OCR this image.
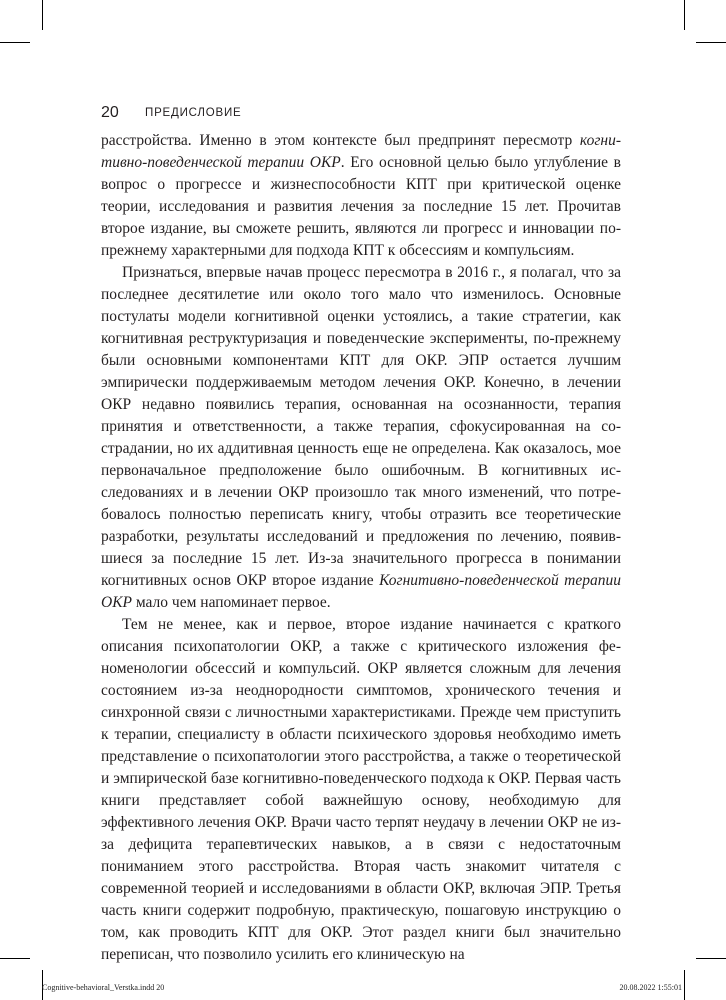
20 ПРЕДИСЛОВИЕ

расстройства. Именно в этом контексте был предпринят пересмотр когнитивно-поведенческой терапии ОКР. Его основной целью было углубление в вопрос о прогрессе и жизнеспособности КПТ при критической оценке теории, исследования и развития лечения за последние 15 лет. Прочитав второе издание, вы сможете решить, являются ли прогресс и инновации по-прежнему характерными для подхода КПТ к обсессиям и компульсиям.

Признаться, впервые начав процесс пересмотра в 2016 г., я полагал, что за последнее десятилетие или около того мало что изменилось. Основные постулаты модели когнитивной оценки устоялись, а такие стратегии, как когнитивная реструктуризация и поведенческие эксперименты, по-прежнему были основными компонентами КПТ для ОКР. ЭПР остается лучшим эмпирически поддерживаемым методом лечения ОКР. Конечно, в лечении ОКР недавно появились терапия, основанная на осознанности, терапия принятия и ответственности, а также терапия, сфокусированная на сострадании, но их аддитивная ценность еще не определена. Как оказалось, мое первоначальное предположение было ошибочным. В когнитивных исследованиях и в лечении ОКР произошло так много изменений, что потребовалось полностью переписать книгу, чтобы отразить все теоретические разработки, результаты исследований и предложения по лечению, появившиеся за последние 15 лет. Из-за значительного прогресса в понимании когнитивных основ ОКР второе издание Когнитивно-поведенческой терапии ОКР мало чем напоминает первое.

Тем не менее, как и первое, второе издание начинается с краткого описания психопатологии ОКР, а также с критического изложения феноменологии обсессий и компульсий. ОКР является сложным для лечения состоянием из-за неоднородности симптомов, хронического течения и синхронной связи с личностными характеристиками. Прежде чем приступить к терапии, специалисту в области психического здоровья необходимо иметь представление о психопатологии этого расстройства, а также о теоретической и эмпирической базе когнитивно-поведенческого подхода к ОКР. Первая часть книги представляет собой важнейшую основу, необходимую для эффективного лечения ОКР. Врачи часто терпят неудачу в лечении ОКР не из-за дефицита терапевтических навыков, а в связи с недостаточным пониманием этого расстройства. Вторая часть знакомит читателя с современной теорией и исследованиями в области ОКР, включая ЭПР. Третья часть книги содержит подробную, практическую, пошаговую инструкцию о том, как проводить КПТ для ОКР. Этот раздел книги был значительно переписан, что позволило усилить его клиническую на

Cognitive-behavioral_Verstka.indd 20	20.08.2022 1:55:01
